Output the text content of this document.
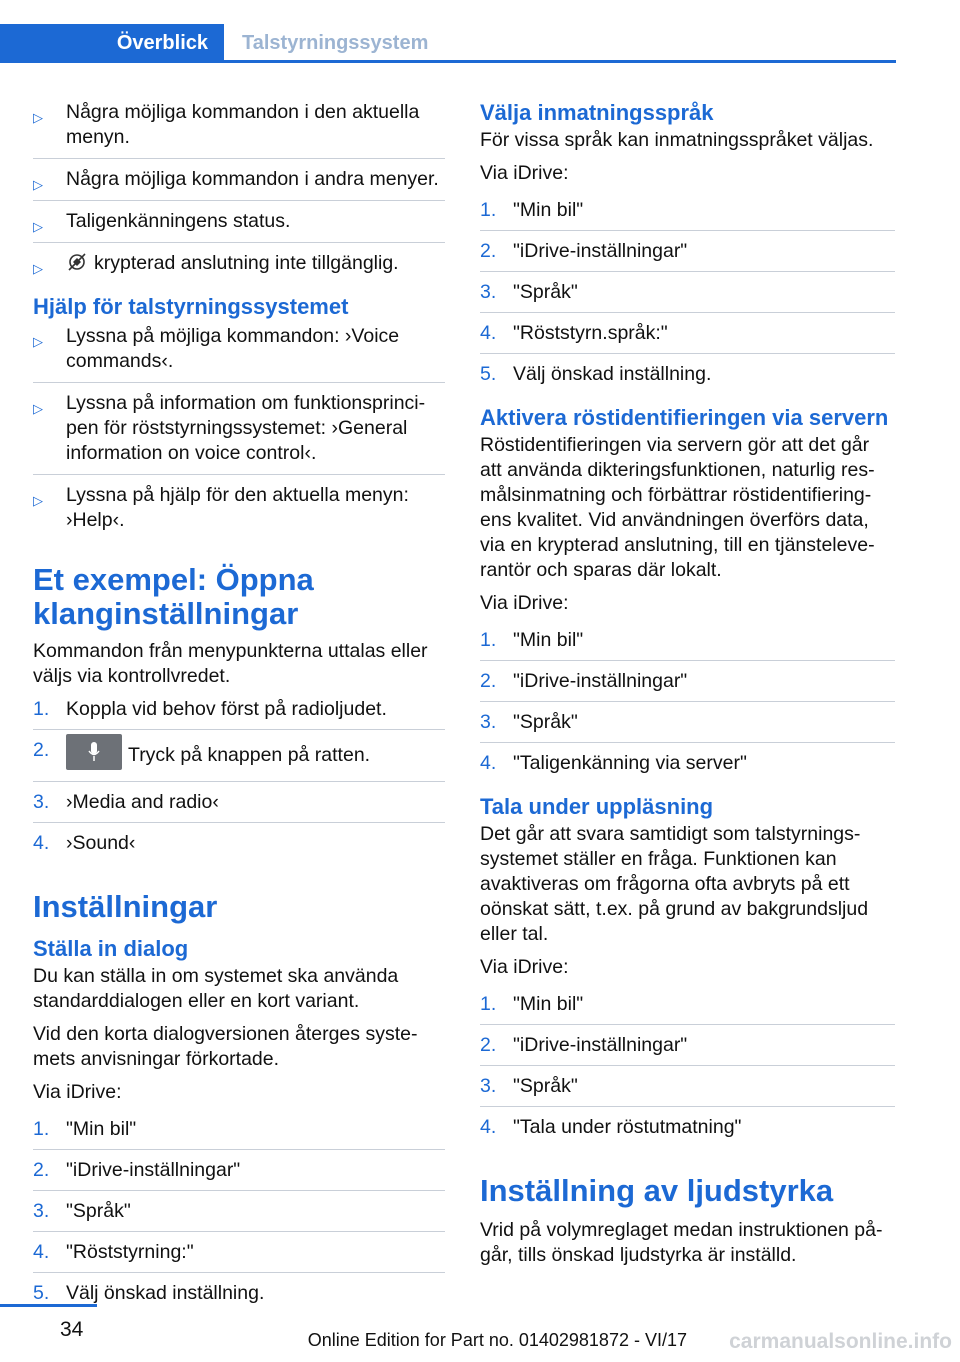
Överblick	Talstyrningssystem
▷ Några möjliga kommandon i den aktuella menyn.
▷ Några möjliga kommandon i andra menyer.
▷ Taligenkänningens status.
▷	krypterad anslutning inte tillgänglig.
Hjälp för talstyrningssystemet
▷ Lyssna på möjliga kommandon: ›Voice commands‹.
▷ Lyssna på information om funktionsprincipen för röststyrningssystemet: ›General information on voice control‹.
▷ Lyssna på hjälp för den aktuella menyn: ›Help‹.
Et exempel: Öppna klanginställningar

Kommandon från menypunkterna uttalas eller väljs via kontrollvredet.

1. Koppla vid behov först på radioljudet.
2.	Tryck på knappen på ratten.
3. ›Media and radio‹
4. ›Sound‹
Inställningar
Ställa in dialog

Du kan ställa in om systemet ska använda standarddialogen eller en kort variant.

Vid den korta dialogversionen återges systemets anvisningar förkortade.

Via iDrive:

1. "Min bil"
2. "iDrive-inställningar"
3. "Språk"
4. "Röststyrning:"
5. Välj önskad inställning.
Välja inmatningsspråk

För vissa språk kan inmatningsspråket väljas.

Via iDrive:

1. "Min bil"
2. "iDrive-inställningar"
3. "Språk"
4. "Röststyrn.språk:"
5. Välj önskad inställning.
Aktivera röstidentifieringen via servern

Röstidentifieringen via servern gör att det går att använda dikteringsfunktionen, naturlig resmålsinmatning och förbättrar röstidentifieringens kvalitet. Vid användningen överförs data, via en krypterad anslutning, till en tjänsteleverantör och sparas där lokalt.

Via iDrive:

1. "Min bil"
2. "iDrive-inställningar"
3. "Språk"
4. "Taligenkänning via server"
Tala under uppläsning

Det går att svara samtidigt som talstyrningssystemet ställer en fråga. Funktionen kan avaktiveras om frågorna ofta avbryts på ett oönskat sätt, t.ex. på grund av bakgrundsljud eller tal.

Via iDrive:

1. "Min bil"
2. "iDrive-inställningar"
3. "Språk"
4. "Tala under röstutmatning"
Inställning av ljudstyrka

Vrid på volymreglaget medan instruktionen pågår, tills önskad ljudstyrka är inställd.

34	Online Edition for Part no. 01402981872 - VI/17 carmanualsonline.info
